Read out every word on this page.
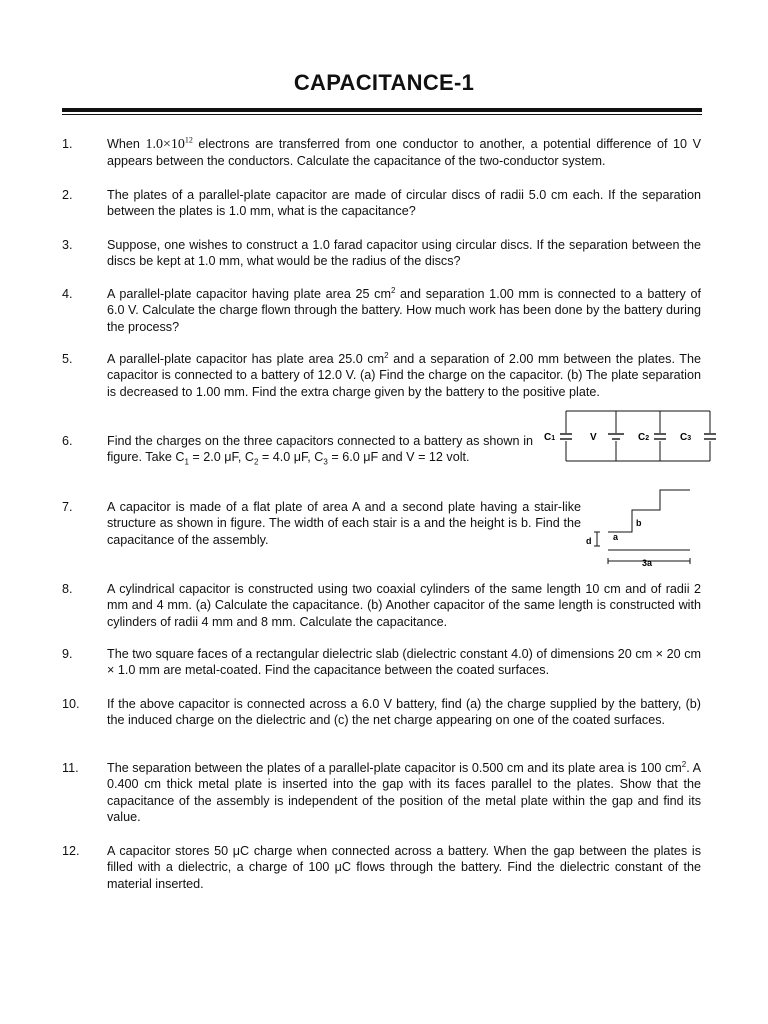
CAPACITANCE-1
1.	When $1.0\times 10^{12}$ electrons are transferred from one conductor to another, a potential difference of 10 V appears between the conductors. Calculate the capacitance of the two-conductor system.
2.	The plates of a parallel-plate capacitor are made of circular discs of radii 5.0 cm each. If the separation between the plates is 1.0 mm, what is the capacitance?
3.	Suppose, one wishes to construct a 1.0 farad capacitor using circular discs. If the separation between the discs be kept at 1.0 mm, what would be the radius of the discs?
4.	A parallel-plate capacitor having plate area 25 $cm^2$ and separation 1.00 mm is connected to a battery of 6.0 V. Calculate the charge flown through the battery. How much work has been done by the battery during the process?
5.	A parallel-plate capacitor has plate area 25.0 $cm^2$ and a separation of 2.00 mm between the plates. The capacitor is connected to a battery of 12.0 V. (a) Find the charge on the capacitor. (b) The plate separation is decreased to 1.00 mm. Find the extra charge given by the battery to the positive plate.
6.	Find the charges on the three capacitors connected to a battery as shown in figure. Take $C_1 = 2.0$ μF, $C_2 = 4.0$ μF, $C_3 = 6.0$ μF and V = 12 volt.
C1	V	C2	C3
7.	A capacitor is made of a flat plate of area A and a second plate having a stair-like structure as shown in figure. The width of each stair is a and the height is b. Find the capacitance of the assembly.
b
a
d
3a
8.	A cylindrical capacitor is constructed using two coaxial cylinders of the same length 10 cm and of radii 2 mm and 4 mm. (a) Calculate the capacitance. (b) Another capacitor of the same length is constructed with cylinders of radii 4 mm and 8 mm. Calculate the capacitance.
9.	The two square faces of a rectangular dielectric slab (dielectric constant 4.0) of dimensions 20 cm × 20 cm × 1.0 mm are metal-coated. Find the capacitance between the coated surfaces.
10. If the above capacitor is connected across a 6.0 V battery, find (a) the charge supplied by the battery, (b) the induced charge on the dielectric and (c) the net charge appearing on one of the coated surfaces.
11. The separation between the plates of a parallel-plate capacitor is 0.500 cm and its plate area is 100 $cm^2$. A 0.400 cm thick metal plate is inserted into the gap with its faces parallel to the plates. Show that the capacitance of the assembly is independent of the position of the metal plate within the gap and find its value.
12. A capacitor stores 50 μC charge when connected across a battery. When the gap between the plates is filled with a dielectric, a charge of 100 μC flows through the battery. Find the dielectric constant of the material inserted.
